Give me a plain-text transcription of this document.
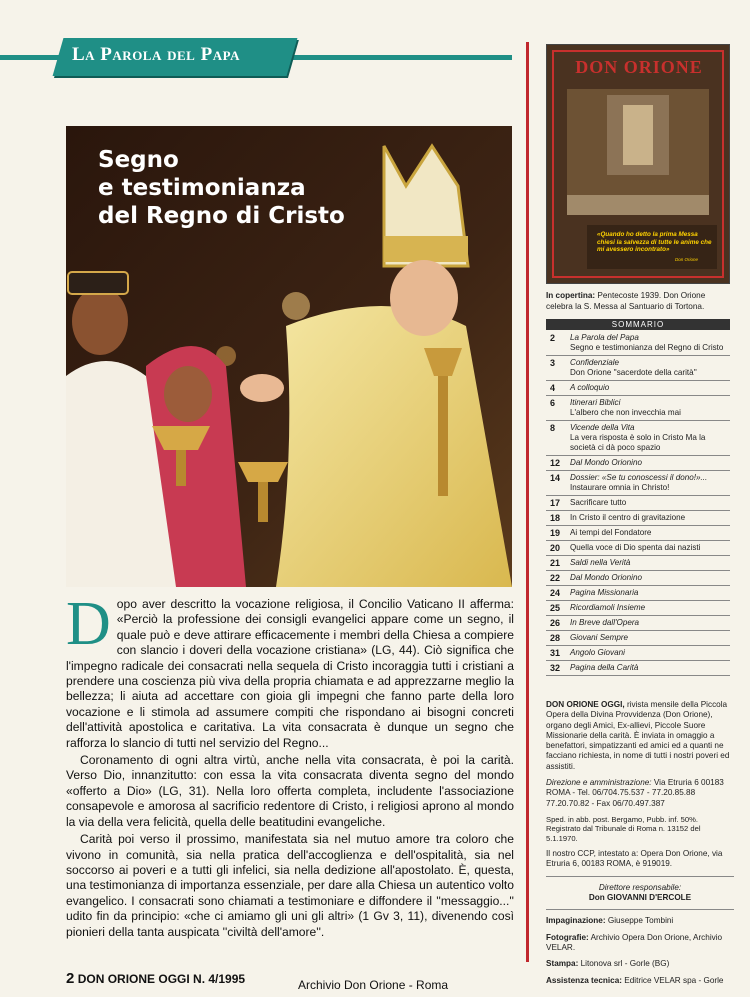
La Parola del Papa
Segno
e testimonianza
del Regno di Cristo

Dopo aver descritto la vocazione religiosa, il Concilio Vaticano II afferma: «Perciò la professione dei consigli evangelici appare come un segno, il quale può e deve attirare efficacemente i membri della Chiesa a compiere con slancio i doveri della vocazione cristiana» (LG, 44). Ciò significa che l'impegno radicale dei consacrati nella sequela di Cristo incoraggia tutti i cristiani a prendere una coscienza più viva della propria chiamata e ad apprezzarne meglio la bellezza; li aiuta ad accettare con gioia gli impegni che fanno parte della loro vocazione e li stimola ad assumere compiti che rispondano ai bisogni concreti dell'attività apostolica e caritativa. La vita consacrata è dunque un segno che rafforza lo slancio di tutti nel servizio del Regno...

Coronamento di ogni altra virtù, anche nella vita consacrata, è poi la carità. Verso Dio, innanzitutto: con essa la vita consacrata diventa segno del mondo «offerto a Dio» (LG, 31). Nella loro offerta completa, includente l'associazione consapevole e amorosa al sacrificio redentore di Cristo, i religiosi aprono al mondo la via della vera felicità, quella delle beatitudini evangeliche.

Carità poi verso il prossimo, manifestata sia nel mutuo amore tra coloro che vivono in comunità, sia nella pratica dell'accoglienza e dell'ospitalità, sia nel soccorso ai poveri e a tutti gli infelici, sia nella dedizione all'apostolato. È, questa, una testimonianza di importanza essenziale, per dare alla Chiesa un autentico volto evangelico. I consacrati sono chiamati a testimoniare e diffondere il ''messaggio...'' udito fin da principio: «che ci amiamo gli uni gli altri» (1 Gv 3, 11), divenendo così pionieri della tanta auspicata ''civiltà dell'amore''.

2 DON ORIONE OGGI N. 4/1995	Archivio Don Orione - Roma
DON ORIONE
«Quando ho detto la prima Messa chiesi la salvezza di tutte le anime che mi avessero incontrato»
Don Orione
In copertina: Pentecoste 1939. Don Orione celebra la S. Messa al Santuario di Tortona.
SOMMARIO
2	La Parola del Papa
Segno e testimonianza del Regno di Cristo
3	Confidenziale
Don Orione ''sacerdote della carità''
4	A colloquio
6	Itinerari Biblici
L'albero che non invecchia mai
8	Vicende della Vita
La vera risposta è solo in Cristo Ma la società ci dà poco spazio
12	Dal Mondo Orionino
14	Dossier: «Se tu conoscessi il dono!»...
Instaurare omnia in Christo!
17	Sacrificare tutto
18	In Cristo il centro di gravitazione
19	Ai tempi del Fondatore
20	Quella voce di Dio spenta dai nazisti
21	Saldi nella Verità
22	Dal Mondo Orionino
24	Pagina Missionaria
25	Ricordiamoli Insieme
26	In Breve dall'Opera
28	Giovani Sempre
31	Angolo Giovani
32	Pagina della Carità

DON ORIONE OGGI, rivista mensile della Piccola Opera della Divina Provvidenza (Don Orione), organo degli Amici, Ex-allievi, Piccole Suore Missionarie della carità. È inviata in omaggio a benefattori, simpatizzanti ed amici ed a quanti ne facciano richiesta, in nome di tutti i nostri poveri ed assistiti.

Direzione e amministrazione: Via Etruria 6 00183 ROMA - Tel. 06/704.75.537 - 77.20.85.88 77.20.70.82 - Fax 06/70.497.387

Sped. in abb. post. Bergamo, Pubb. inf. 50%. Registrato dal Tribunale di Roma n. 13152 del 5.1.1970.

Il nostro CCP, intestato a: Opera Don Orione, via Etruria 6, 00183 ROMA, è 919019.

Direttore responsabile:
Don GIOVANNI D'ERCOLE

Impaginazione: Giuseppe Tombini

Fotografie: Archivio Opera Don Orione, Archivio VELAR.

Stampa: Litonova srl - Gorle (BG)

Assistenza tecnica: Editrice VELAR spa - Gorle
